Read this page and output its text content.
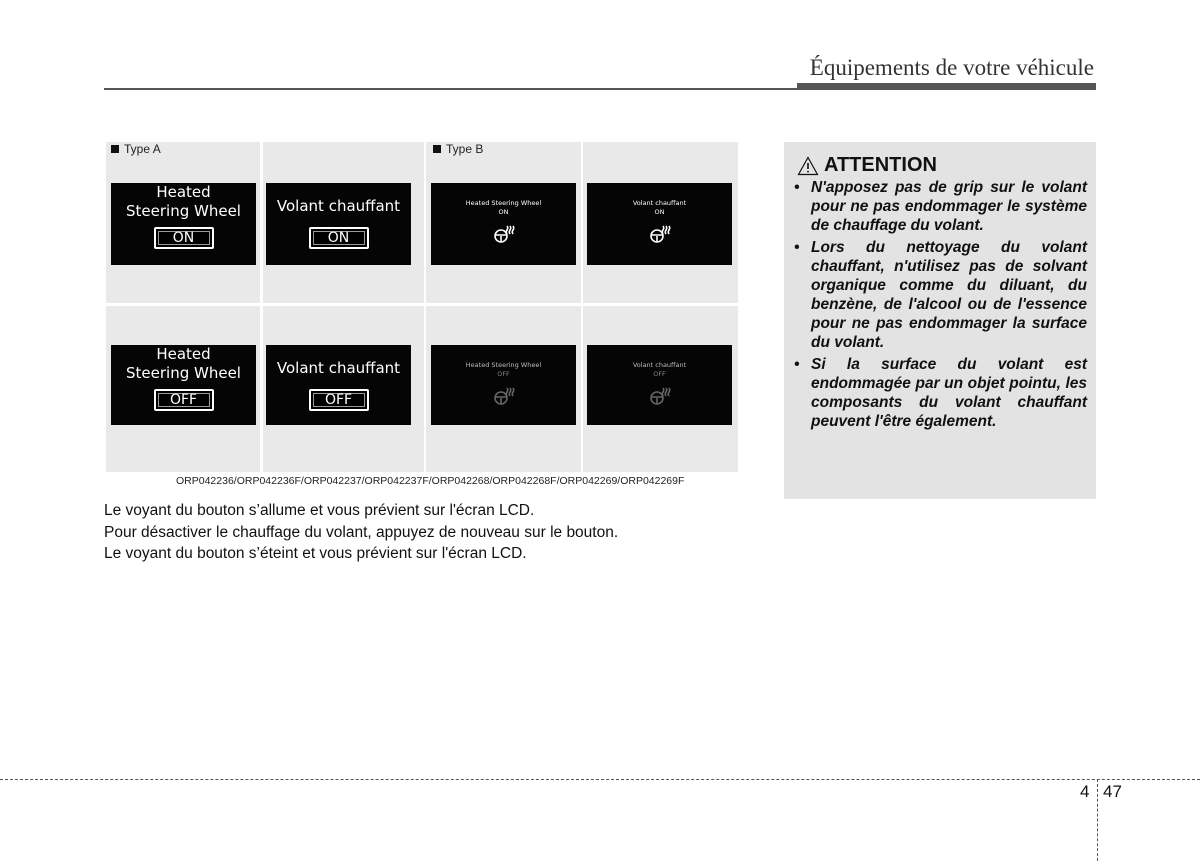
Équipements de votre véhicule
Type A	Type B
Heated
Steering Wheel
ON
Volant chauffant
ON
Heated
Steering Wheel
OFF
Volant chauffant
OFF
Heated Steering Wheel
ON
Volant chauffant
ON
Heated Steering Wheel
OFF
Volant chauffant
OFF
ORP042236/ORP042236F/ORP042237/ORP042237F/ORP042268/ORP042268F/ORP042269/ORP042269F

Le voyant du bouton s’allume et vous prévient sur l'écran LCD.

Pour désactiver le chauffage du volant, appuyez de nouveau sur le bouton.

Le voyant du bouton s’éteint et vous prévient sur l'écran LCD.

ATTENTION
• N'apposez pas de grip sur le volant pour ne pas endommager le système de chauffage du volant.
• Lors du nettoyage du volant chauffant, n'utilisez pas de solvant organique comme du diluant, du benzène, de l'alcool ou de l'essence pour ne pas endommager la surface du volant.
• Si la surface du volant est endommagée par un objet pointu, les composants du volant chauffant peuvent l'être également.
4 47
